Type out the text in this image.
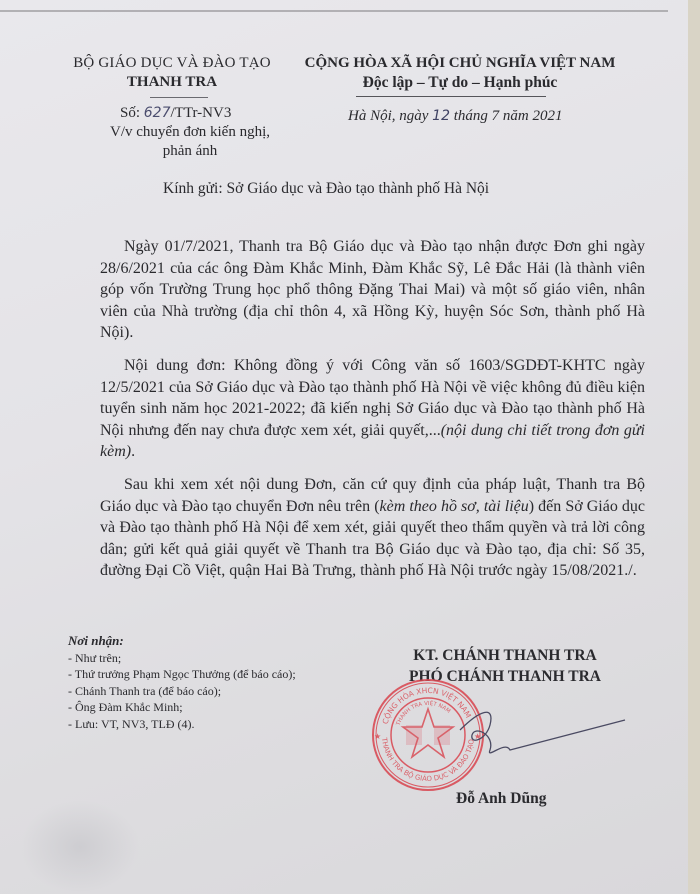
BỘ GIÁO DỤC VÀ ĐÀO TẠO
THANH TRA
Số: 627/TTr-NV3
V/v chuyển đơn kiến nghị, phản ánh
CỘNG HÒA XÃ HỘI CHỦ NGHĨA VIỆT NAM
Độc lập – Tự do – Hạnh phúc
Hà Nội, ngày 12 tháng 7 năm 2021
Kính gửi: Sở Giáo dục và Đào tạo thành phố Hà Nội

Ngày 01/7/2021, Thanh tra Bộ Giáo dục và Đào tạo nhận được Đơn ghi ngày 28/6/2021 của các ông Đàm Khắc Minh, Đàm Khắc Sỹ, Lê Đắc Hải (là thành viên góp vốn Trường Trung học phổ thông Đặng Thai Mai) và một số giáo viên, nhân viên của Nhà trường (địa chỉ thôn 4, xã Hồng Kỳ, huyện Sóc Sơn, thành phố Hà Nội).

Nội dung đơn: Không đồng ý với Công văn số 1603/SGDĐT-KHTC ngày 12/5/2021 của Sở Giáo dục và Đào tạo thành phố Hà Nội về việc không đủ điều kiện tuyển sinh năm học 2021-2022; đã kiến nghị Sở Giáo dục và Đào tạo thành phố Hà Nội nhưng đến nay chưa được xem xét, giải quyết,...(nội dung chi tiết trong đơn gửi kèm).

Sau khi xem xét nội dung Đơn, căn cứ quy định của pháp luật, Thanh tra Bộ Giáo dục và Đào tạo chuyển Đơn nêu trên (kèm theo hồ sơ, tài liệu) đến Sở Giáo dục và Đào tạo thành phố Hà Nội để xem xét, giải quyết theo thẩm quyền và trả lời công dân; gửi kết quả giải quyết về Thanh tra Bộ Giáo dục và Đào tạo, địa chỉ: Số 35, đường Đại Cồ Việt, quận Hai Bà Trưng, thành phố Hà Nội trước ngày 15/08/2021./.

Nơi nhận:
- Như trên;
- Thứ trưởng Phạm Ngọc Thưởng (để báo cáo);
- Chánh Thanh tra (để báo cáo);
- Ông Đàm Khắc Minh;
- Lưu: VT, NV3, TLĐ (4).
KT. CHÁNH THANH TRA
PHÓ CHÁNH THANH TRA
CỘNG HÒA XHCN VIỆT NAM
THANH TRA BỘ GIÁO DỤC VÀ ĐÀO TẠO
THANH TRA VIỆT NAM
★	★
Đỗ Anh Dũng
